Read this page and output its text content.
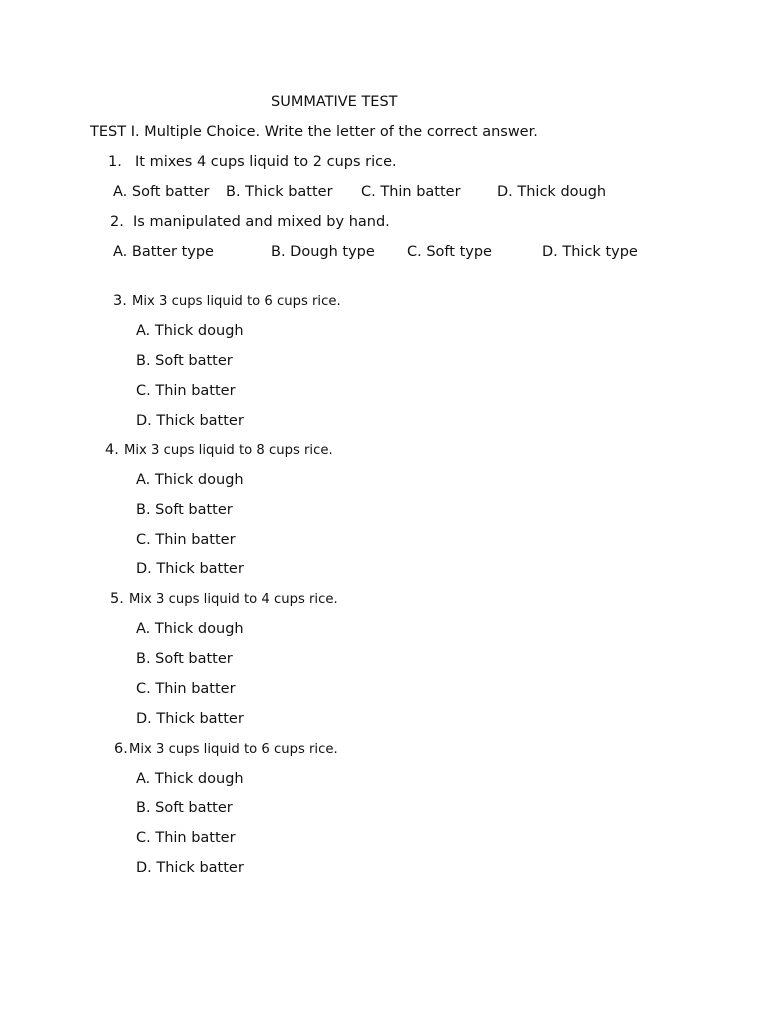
SUMMATIVE TEST
TEST I. Multiple Choice. Write the letter of the correct answer.
1. It mixes 4 cups liquid to 2 cups rice.
A. Soft batter B. Thick batter C. Thin batter	D. Thick dough
2. Is manipulated and mixed by hand.
A. Batter type	B. Dough type C. Soft type	D. Thick type
3. Mix 3 cups liquid to 6 cups rice.
A. Thick dough
B. Soft batter
C. Thin batter
D. Thick batter
4. Mix 3 cups liquid to 8 cups rice.
A. Thick dough
B. Soft batter
C. Thin batter
D. Thick batter
5. Mix 3 cups liquid to 4 cups rice.
A. Thick dough
B. Soft batter
C. Thin batter
D. Thick batter
6. Mix 3 cups liquid to 6 cups rice.
A. Thick dough
B. Soft batter
C. Thin batter
D. Thick batter
